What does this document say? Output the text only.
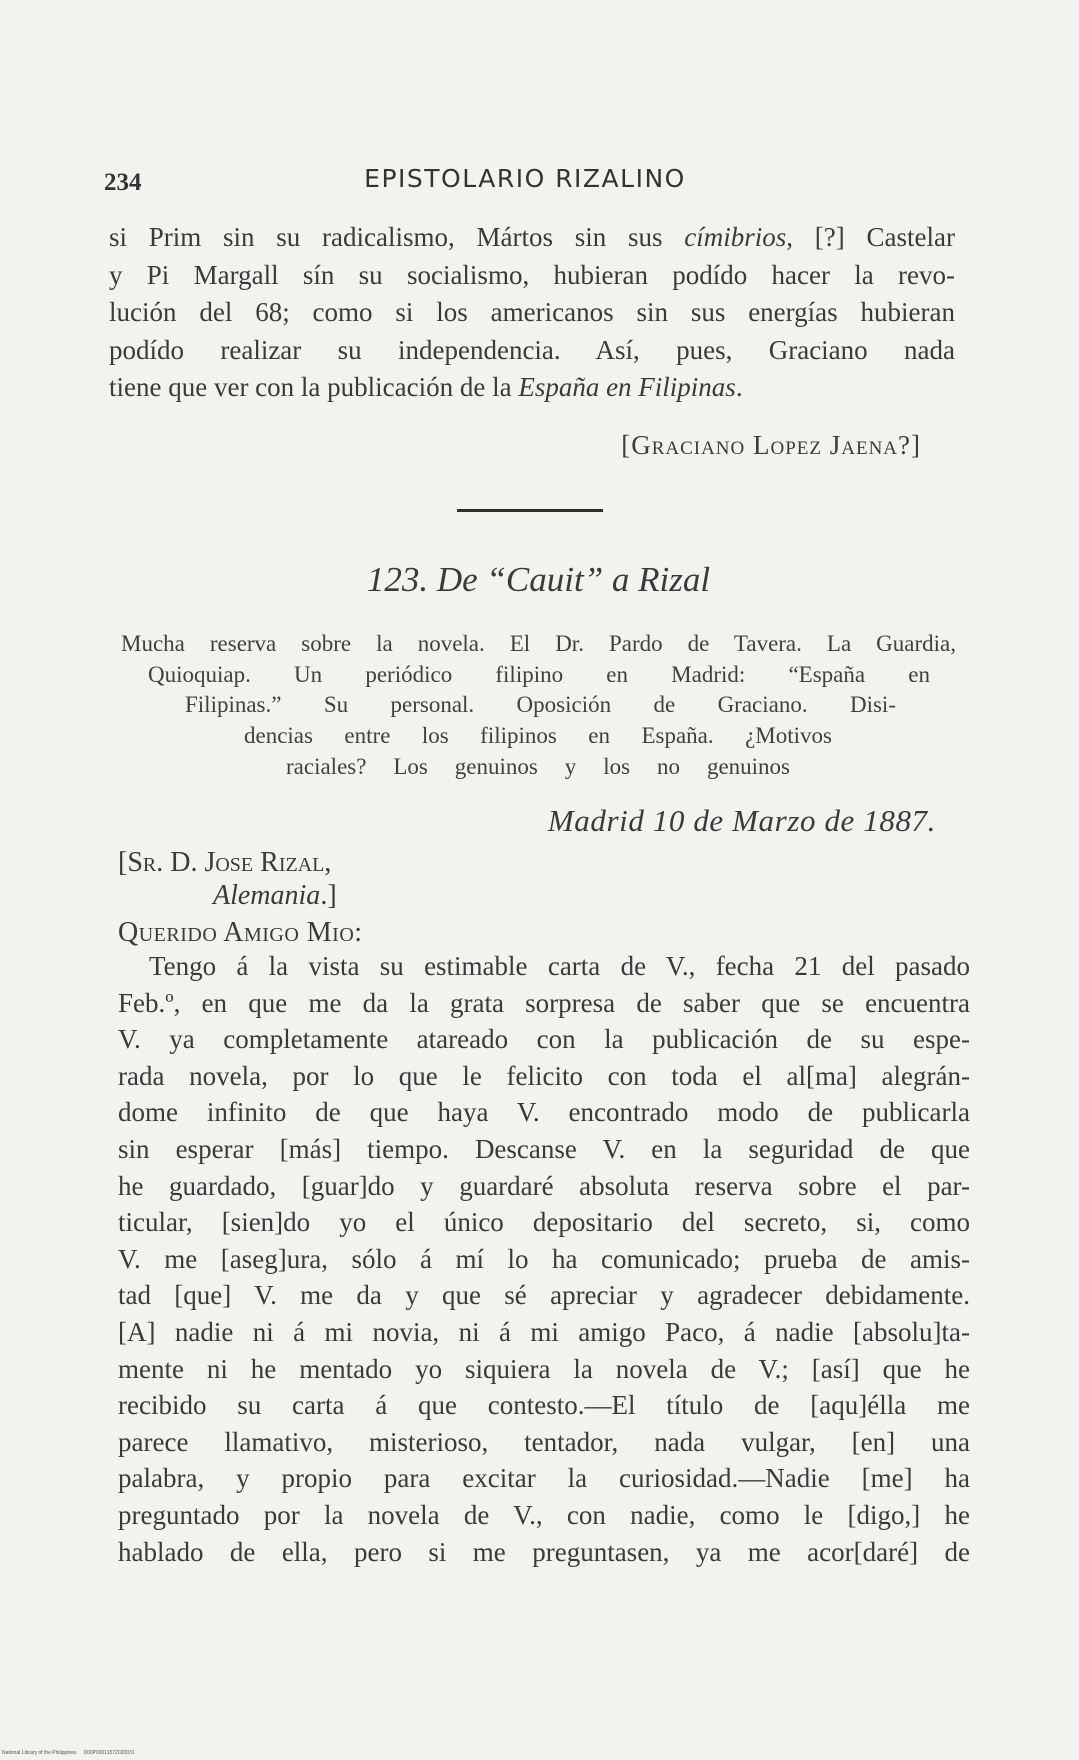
234	EPISTOLARIO RIZALINO
si Prim sin su radicalismo, Mártos sin sus címibrios, [?] Castelar
y Pi Margall sín su socialismo, hubieran podído hacer la revo-
lución del 68; como si los americanos sin sus energías hubieran
podído realizar su independencia. Así, pues, Graciano nada
tiene que ver con la publicación de la España en Filipinas.
[Graciano Lopez Jaena?]
123. De “Cauit” a Rizal
Mucha reserva sobre la novela. El Dr. Pardo de Tavera. La Guardia,
Quioquiap. Un periódico filipino en Madrid: “España en
Filipinas.” Su personal. Oposición de Graciano. Disi-
dencias entre los filipinos en España. ¿Motivos
raciales? Los genuinos y los no genuinos
Madrid 10 de Marzo de 1887.
[Sr. D. Jose Rizal,
Alemania.]
Querido Amigo Mio:
Tengo á la vista su estimable carta de V., fecha 21 del pasado
Feb.º, en que me da la grata sorpresa de saber que se encuentra
V. ya completamente atareado con la publicación de su espe-
rada novela, por lo que le felicito con toda el al[ma] alegrán-
dome infinito de que haya V. encontrado modo de publicarla
sin esperar [más] tiempo. Descanse V. en la seguridad de que
he guardado, [guar]do y guardaré absoluta reserva sobre el par-
ticular, [sien]do yo el único depositario del secreto, si, como
V. me [aseg]ura, sólo á mí lo ha comunicado; prueba de amis-
tad [que] V. me da y que sé apreciar y agradecer debidamente.
[A] nadie ni á mi novia, ni á mi amigo Paco, á nadie [absolu]ta-
mente ni he mentado yo siquiera la novela de V.; [así] que he
recibido su carta á que contesto.—El título de [aqu]élla me
parece llamativo, misterioso, tentador, nada vulgar, [en] una
palabra, y propio para excitar la curiosidad.—Nadie [me] ha
preguntado por la novela de V., con nadie, como le [digo,] he
hablado de ella, pero si me preguntasen, ya me acor[daré] de
National Library of the Philippines D00P00011572020031
